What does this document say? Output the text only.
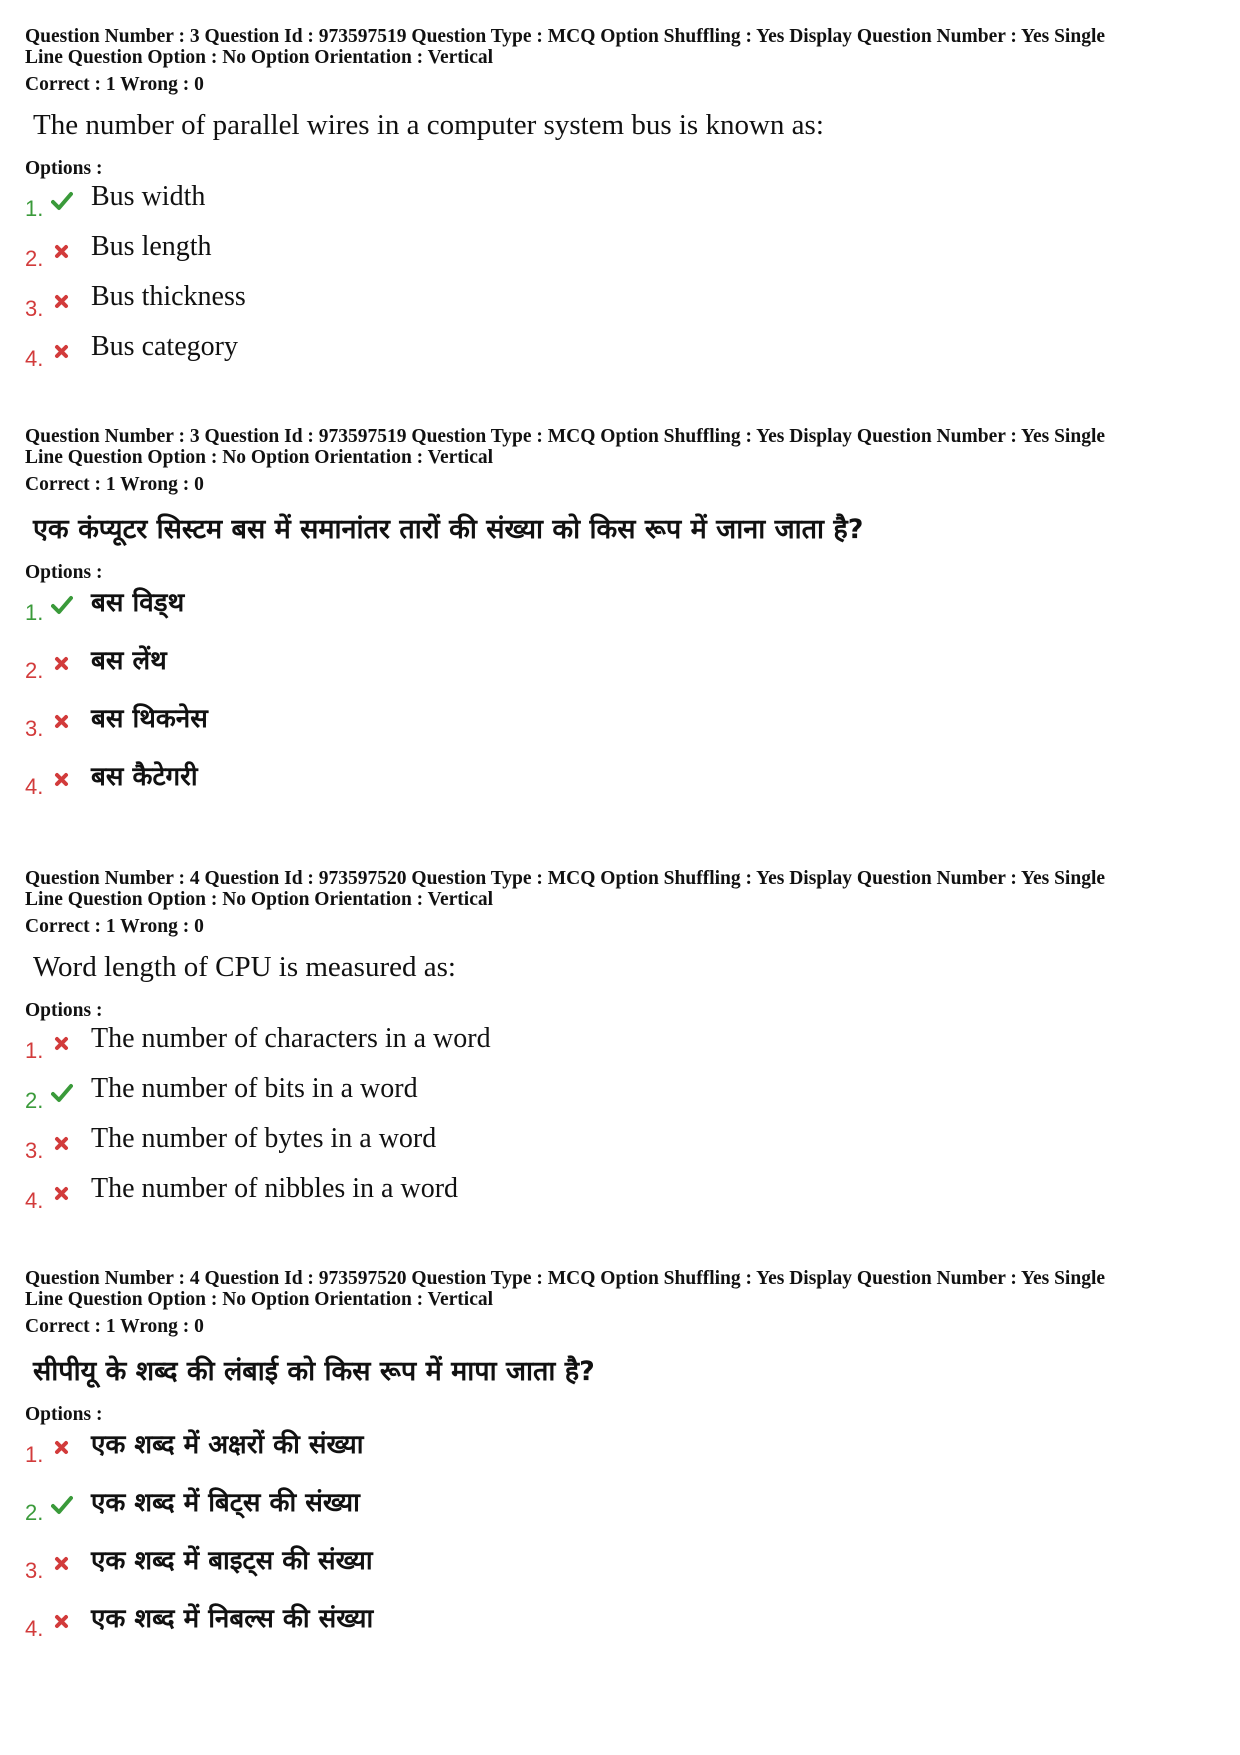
Question Number : 3 Question Id : 973597519 Question Type : MCQ Option Shuffling : Yes Display Question Number : Yes Single
Line Question Option : No Option Orientation : Vertical
Correct : 1 Wrong : 0
The number of parallel wires in a computer system bus is known as:
Options :
1. Bus width
2. Bus length
3. Bus thickness
4. Bus category
Question Number : 3 Question Id : 973597519 Question Type : MCQ Option Shuffling : Yes Display Question Number : Yes Single
Line Question Option : No Option Orientation : Vertical
Correct : 1 Wrong : 0
एक कंप्यूटर सिस्टम बस में समानांतर तारों की संख्या को किस रूप में जाना जाता है?
Options :
1. बस विड्थ
2. बस लेंथ
3. बस थिकनेस
4. बस कैटेगरी
Question Number : 4 Question Id : 973597520 Question Type : MCQ Option Shuffling : Yes Display Question Number : Yes Single
Line Question Option : No Option Orientation : Vertical
Correct : 1 Wrong : 0
Word length of CPU is measured as:
Options :
1. The number of characters in a word
2. The number of bits in a word
3. The number of bytes in a word
4. The number of nibbles in a word
Question Number : 4 Question Id : 973597520 Question Type : MCQ Option Shuffling : Yes Display Question Number : Yes Single
Line Question Option : No Option Orientation : Vertical
Correct : 1 Wrong : 0
सीपीयू के शब्द की लंबाई को किस रूप में मापा जाता है?
Options :
1. एक शब्द में अक्षरों की संख्या
2. एक शब्द में बिट्स की संख्या
3. एक शब्द में बाइट्स की संख्या
4. एक शब्द में निबल्स की संख्या
